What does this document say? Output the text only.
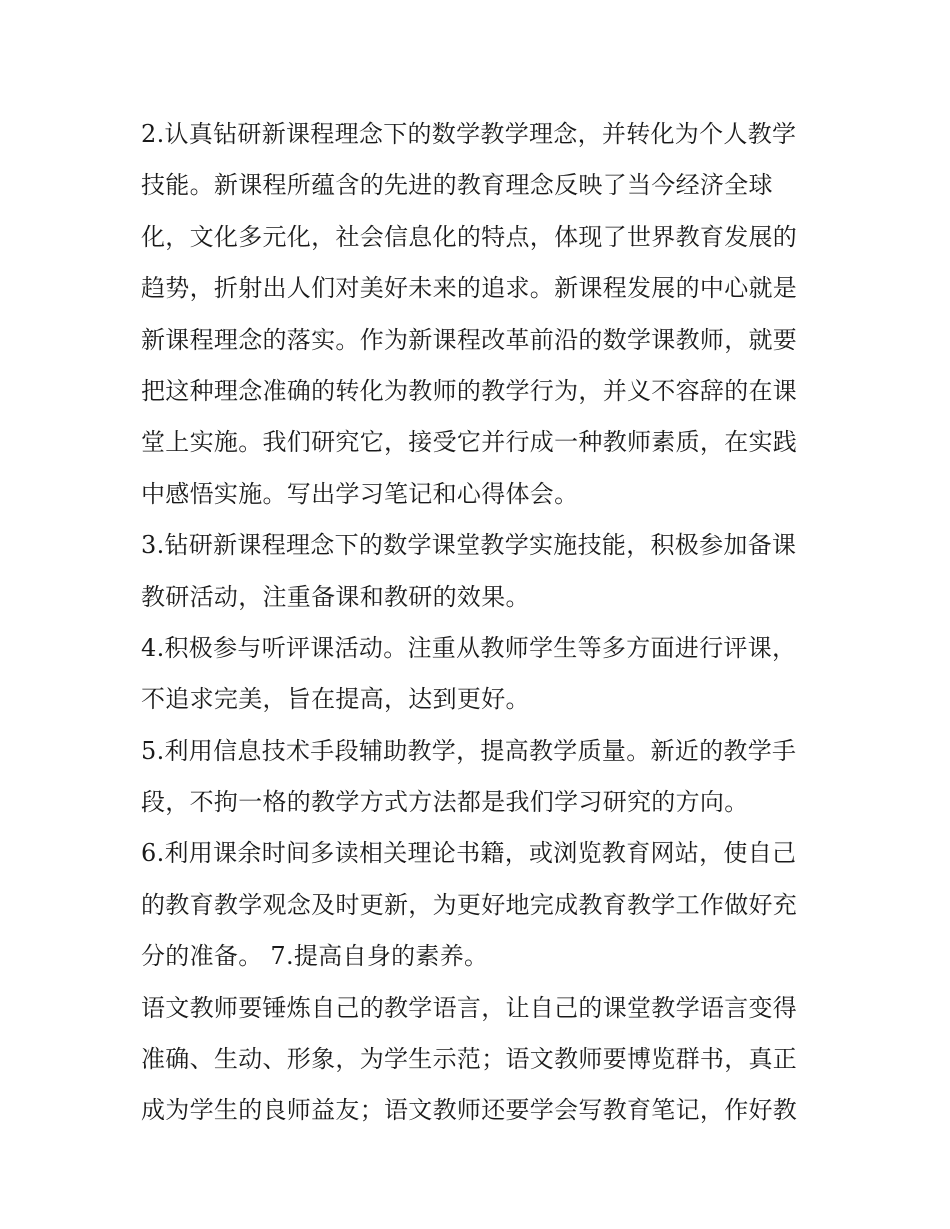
2.认真钻研新课程理念下的数学教学理念，并转化为个人教学
技能。新课程所蕴含的先进的教育理念反映了当今经济全球
化，文化多元化，社会信息化的特点，体现了世界教育发展的
趋势，折射出人们对美好未来的追求。新课程发展的中心就是
新课程理念的落实。作为新课程改革前沿的数学课教师，就要
把这种理念准确的转化为教师的教学行为，并义不容辞的在课
堂上实施。我们研究它，接受它并行成一种教师素质，在实践
中感悟实施。写出学习笔记和心得体会。
3.钻研新课程理念下的数学课堂教学实施技能，积极参加备课
教研活动，注重备课和教研的效果。
4.积极参与听评课活动。注重从教师学生等多方面进行评课，
不追求完美，旨在提高，达到更好。
5.利用信息技术手段辅助教学，提高教学质量。新近的教学手
段，不拘一格的教学方式方法都是我们学习研究的方向。
6.利用课余时间多读相关理论书籍，或浏览教育网站，使自己
的教育教学观念及时更新，为更好地完成教育教学工作做好充
分的准备。 7.提高自身的素养。
语文教师要锤炼自己的教学语言，让自己的课堂教学语言变得
准确、生动、形象，为学生示范；语文教师要博览群书，真正
成为学生的良师益友；语文教师还要学会写教育笔记，作好教
